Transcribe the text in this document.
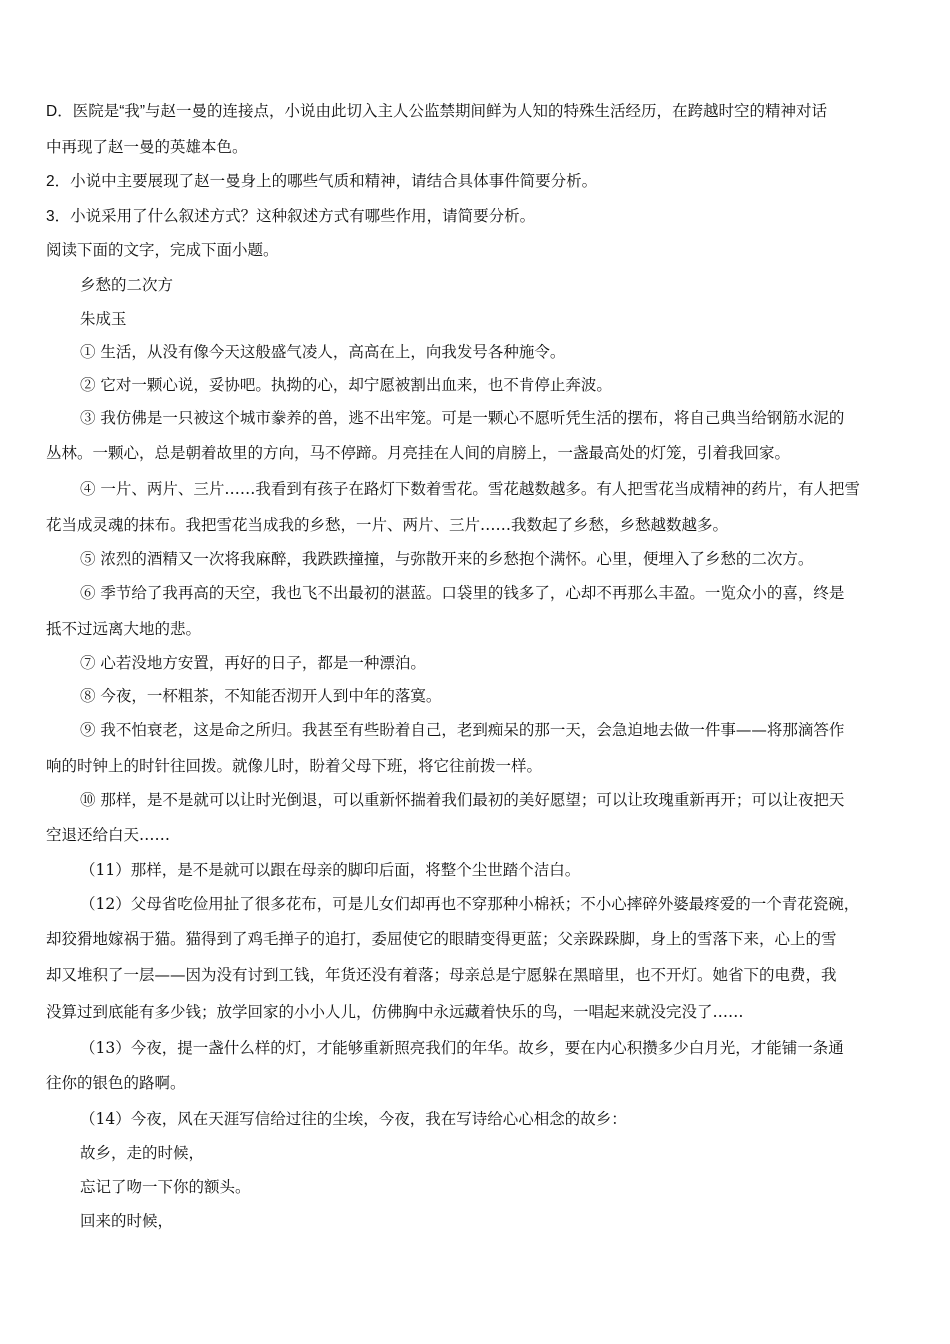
D．医院是“我”与赵一曼的连接点，小说由此切入主人公监禁期间鲜为人知的特殊生活经历，在跨越时空的精神对话

中再现了赵一曼的英雄本色。

2．小说中主要展现了赵一曼身上的哪些气质和精神，请结合具体事件简要分析。

3．小说采用了什么叙述方式？这种叙述方式有哪些作用，请简要分析。

阅读下面的文字，完成下面小题。

乡愁的二次方

朱成玉

① 生活，从没有像今天这般盛气凌人，高高在上，向我发号各种施令。

② 它对一颗心说，妥协吧。执拗的心，却宁愿被割出血来，也不肯停止奔波。

③ 我仿佛是一只被这个城市豢养的兽，逃不出牢笼。可是一颗心不愿听凭生活的摆布，将自己典当给钢筋水泥的

丛林。一颗心，总是朝着故里的方向，马不停蹄。月亮挂在人间的肩膀上，一盏最高处的灯笼，引着我回家。

④ 一片、两片、三片……我看到有孩子在路灯下数着雪花。雪花越数越多。有人把雪花当成精神的药片，有人把雪

花当成灵魂的抹布。我把雪花当成我的乡愁，一片、两片、三片……我数起了乡愁，乡愁越数越多。

⑤ 浓烈的酒精又一次将我麻醉，我跌跌撞撞，与弥散开来的乡愁抱个满怀。心里，便埋入了乡愁的二次方。

⑥ 季节给了我再高的天空，我也飞不出最初的湛蓝。口袋里的钱多了，心却不再那么丰盈。一览众小的喜，终是

抵不过远离大地的悲。

⑦ 心若没地方安置，再好的日子，都是一种漂泊。

⑧ 今夜，一杯粗茶，不知能否沏开人到中年的落寞。

⑨ 我不怕衰老，这是命之所归。我甚至有些盼着自己，老到痴呆的那一天，会急迫地去做一件事——将那滴答作

响的时钟上的时针往回拨。就像儿时，盼着父母下班，将它往前拨一样。

⑩ 那样，是不是就可以让时光倒退，可以重新怀揣着我们最初的美好愿望；可以让玫瑰重新再开；可以让夜把天

空退还给白天……

（11）那样，是不是就可以跟在母亲的脚印后面，将整个尘世踏个洁白。

（12）父母省吃俭用扯了很多花布，可是儿女们却再也不穿那种小棉袄；不小心摔碎外婆最疼爱的一个青花瓷碗，

却狡猾地嫁祸于猫。猫得到了鸡毛掸子的追打，委屈使它的眼睛变得更蓝；父亲跺跺脚，身上的雪落下来，心上的雪

却又堆积了一层——因为没有讨到工钱，年货还没有着落；母亲总是宁愿躲在黑暗里，也不开灯。她省下的电费，我

没算过到底能有多少钱；放学回家的小小人儿，仿佛胸中永远藏着快乐的鸟，一唱起来就没完没了……

（13）今夜，提一盏什么样的灯，才能够重新照亮我们的年华。故乡，要在内心积攒多少白月光，才能铺一条通

往你的银色的路啊。

（14）今夜，风在天涯写信给过往的尘埃，今夜，我在写诗给心心相念的故乡：

故乡，走的时候，

忘记了吻一下你的额头。

回来的时候，
